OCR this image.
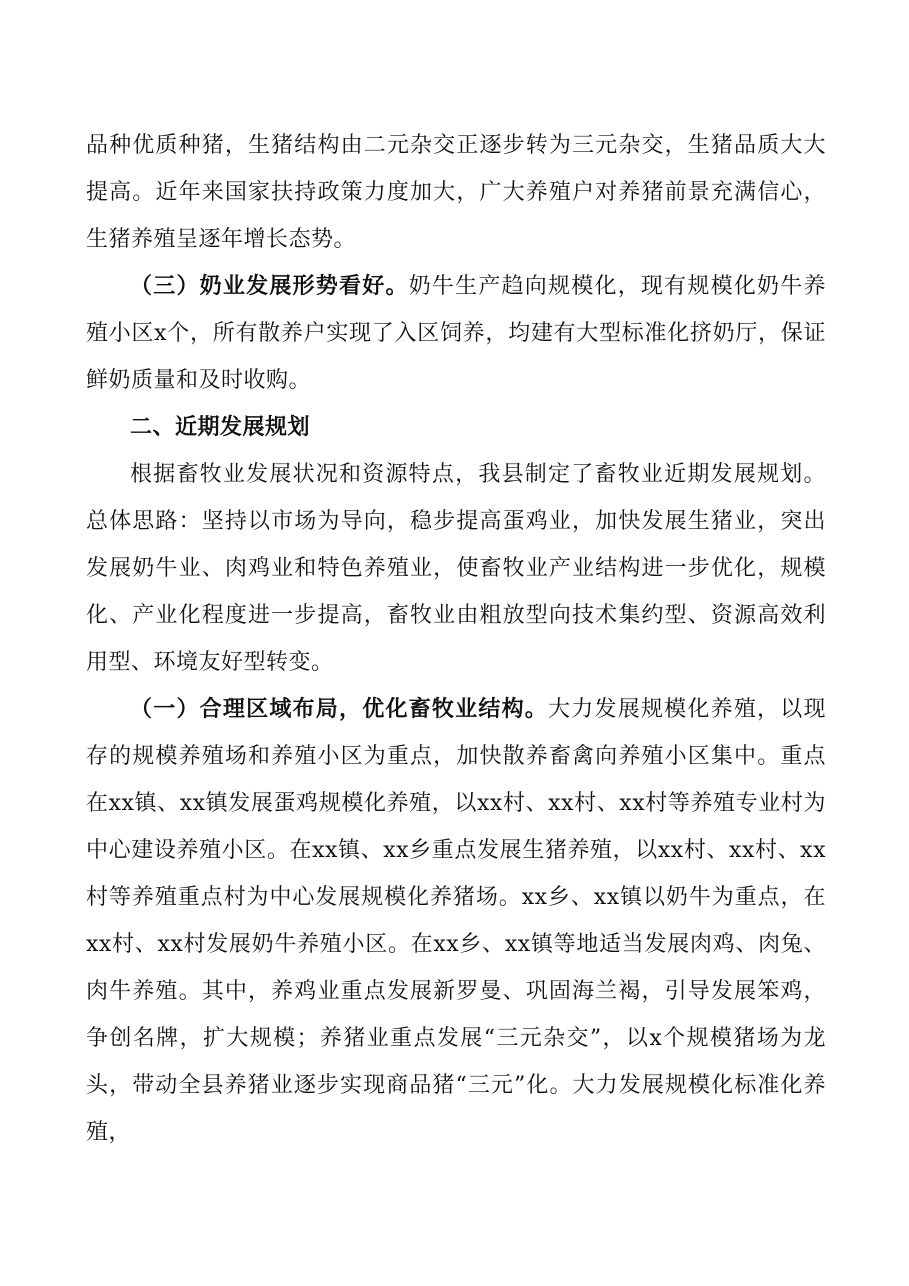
品种优质种猪，生猪结构由二元杂交正逐步转为三元杂交，生猪品质大大提高。近年来国家扶持政策力度加大，广大养殖户对养猪前景充满信心，生猪养殖呈逐年增长态势。

（三）奶业发展形势看好。奶牛生产趋向规模化，现有规模化奶牛养殖小区x个，所有散养户实现了入区饲养，均建有大型标准化挤奶厅，保证鲜奶质量和及时收购。

二、近期发展规划

根据畜牧业发展状况和资源特点，我县制定了畜牧业近期发展规划。总体思路：坚持以市场为导向，稳步提高蛋鸡业，加快发展生猪业，突出发展奶牛业、肉鸡业和特色养殖业，使畜牧业产业结构进一步优化，规模化、产业化程度进一步提高，畜牧业由粗放型向技术集约型、资源高效利用型、环境友好型转变。

（一）合理区域布局，优化畜牧业结构。大力发展规模化养殖，以现存的规模养殖场和养殖小区为重点，加快散养畜禽向养殖小区集中。重点在xx镇、xx镇发展蛋鸡规模化养殖，以xx村、xx村、xx村等养殖专业村为中心建设养殖小区。在xx镇、xx乡重点发展生猪养殖，以xx村、xx村、xx村等养殖重点村为中心发展规模化养猪场。xx乡、xx镇以奶牛为重点，在xx村、xx村发展奶牛养殖小区。在xx乡、xx镇等地适当发展肉鸡、肉兔、肉牛养殖。其中，养鸡业重点发展新罗曼、巩固海兰褐，引导发展笨鸡，争创名牌，扩大规模；养猪业重点发展“三元杂交”，以x个规模猪场为龙头，带动全县养猪业逐步实现商品猪“三元”化。大力发展规模化标准化养殖，
